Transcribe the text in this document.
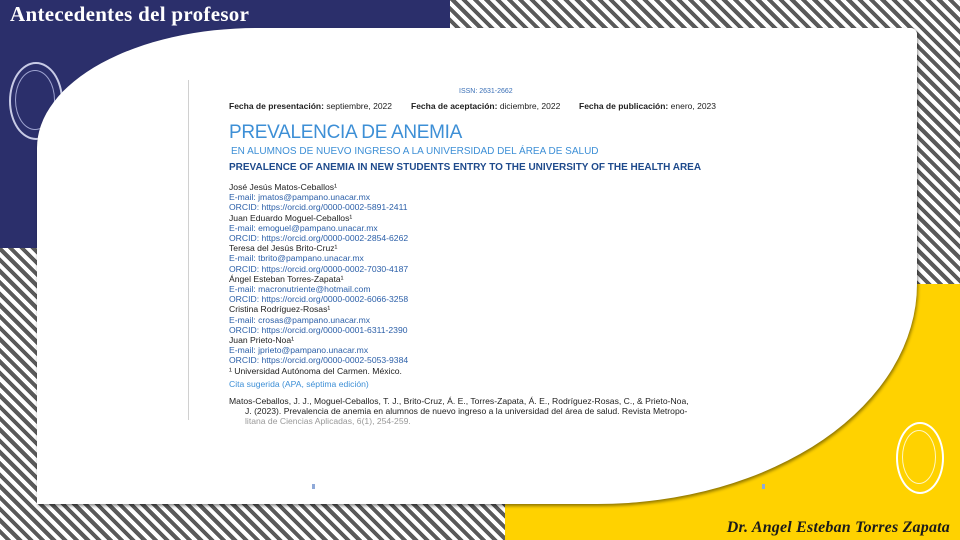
Antecedentes del profesor
ISSN: 2631-2662
Fecha de presentación: septiembre, 2022 Fecha de aceptación: diciembre, 2022 Fecha de publicación: enero, 2023
PREVALENCIA DE ANEMIA
EN ALUMNOS DE NUEVO INGRESO A LA UNIVERSIDAD DEL ÁREA DE SALUD
PREVALENCE OF ANEMIA IN NEW STUDENTS ENTRY TO THE UNIVERSITY OF THE HEALTH AREA
José Jesús Matos-Ceballos¹
E-mail: jmatos@pampano.unacar.mx
ORCID: https://orcid.org/0000-0002-5891-2411
Juan Eduardo Moguel-Ceballos¹
E-mail: emoguel@pampano.unacar.mx
ORCID: https://orcid.org/0000-0002-2854-6262
Teresa del Jesús Brito-Cruz¹
E-mail: tbrito@pampano.unacar.mx
ORCID: https://orcid.org/0000-0002-7030-4187
Ángel Esteban Torres-Zapata¹
E-mail: macronutriente@hotmail.com
ORCID: https://orcid.org/0000-0002-6066-3258
Cristina Rodríguez-Rosas¹
E-mail: crosas@pampano.unacar.mx
ORCID: https://orcid.org/0000-0001-6311-2390
Juan Prieto-Noa¹
E-mail: jprieto@pampano.unacar.mx
ORCID: https://orcid.org/0000-0002-5053-9384
¹ Universidad Autónoma del Carmen. México.
Cita sugerida (APA, séptima edición)
Matos-Ceballos, J. J., Moguel-Ceballos, T. J., Brito-Cruz, Á. E., Torres-Zapata, Á. E., Rodríguez-Rosas, C., & Prieto-Noa,
J. (2023). Prevalencia de anemia en alumnos de nuevo ingreso a la universidad del área de salud. Revista Metropo-
litana de Ciencias Aplicadas, 6(1), 254-259.
Dr. Angel Esteban Torres Zapata
